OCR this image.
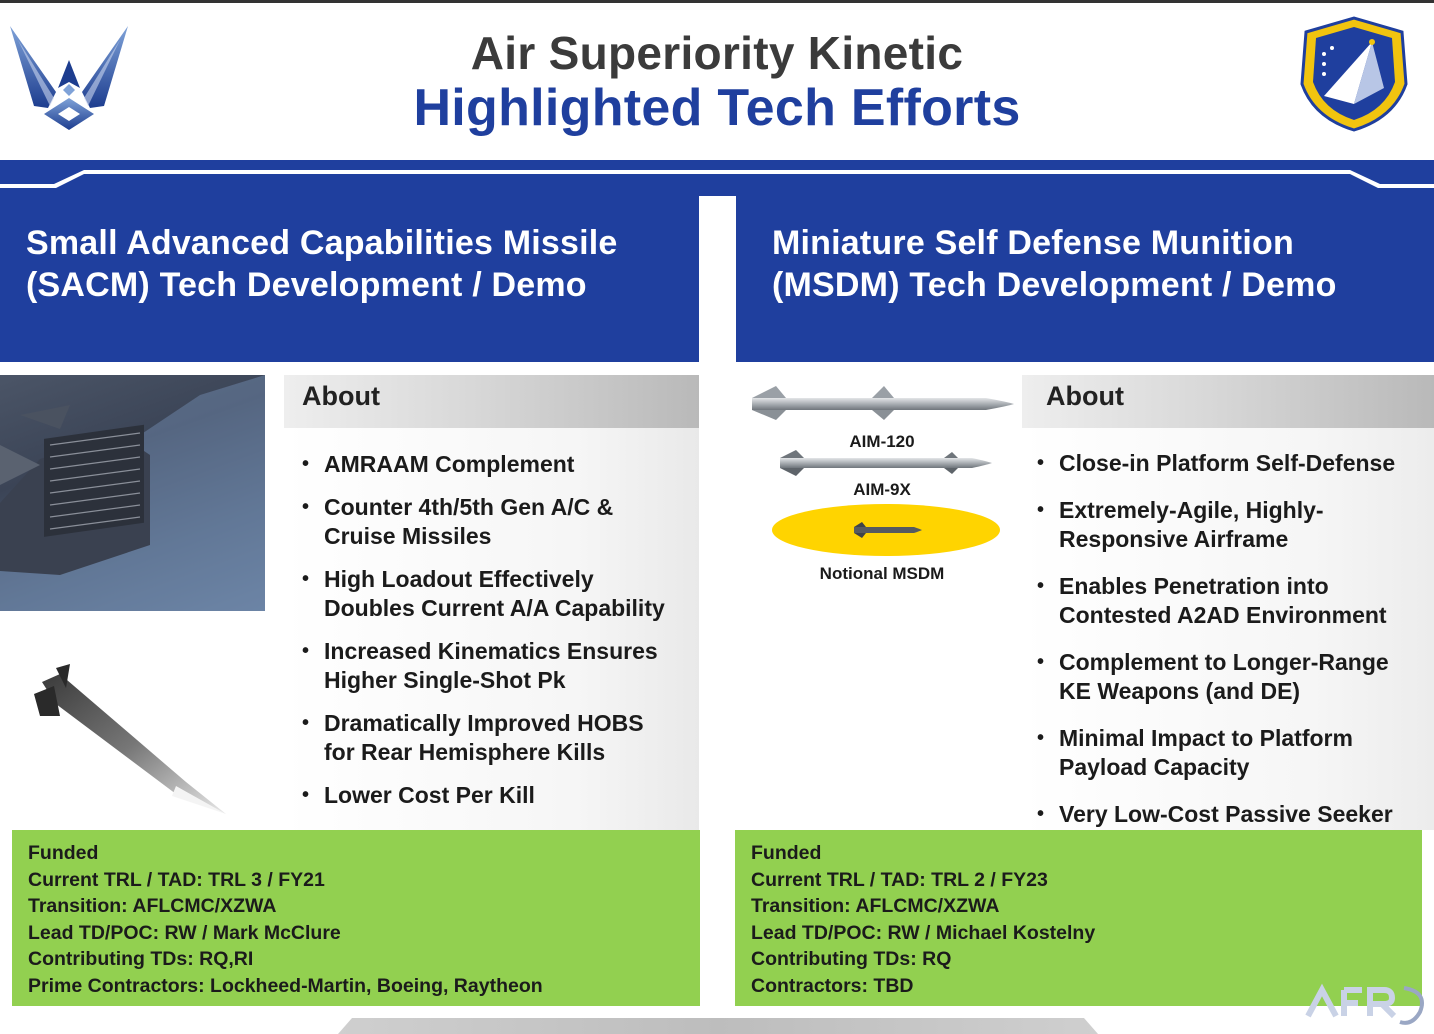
Air Superiority Kinetic
Highlighted Tech Efforts
Small Advanced Capabilities Missile
(SACM) Tech Development / Demo
About
• AMRAAM Complement
• Counter 4th/5th Gen A/C &
Cruise Missiles
• High Loadout Effectively
Doubles Current A/A Capability
• Increased Kinematics Ensures
Higher Single-Shot Pk
• Dramatically Improved HOBS
for Rear Hemisphere Kills
• Lower Cost Per Kill
Funded
Current TRL / TAD: TRL 3 / FY21
Transition: AFLCMC/XZWA
Lead TD/POC: RW / Mark McClure
Contributing TDs: RQ,RI
Prime Contractors: Lockheed-Martin, Boeing, Raytheon
Miniature Self Defense Munition
(MSDM) Tech Development / Demo
AIM-120
AIM-9X
Notional MSDM
About
• Close-in Platform Self-Defense
• Extremely-Agile, Highly-
Responsive Airframe
• Enables Penetration into
Contested A2AD Environment
• Complement to Longer-Range
KE Weapons (and DE)
• Minimal Impact to Platform
Payload Capacity
• Very Low-Cost Passive Seeker
Funded
Current TRL / TAD: TRL 2 / FY23
Transition: AFLCMC/XZWA
Lead TD/POC: RW / Michael Kostelny
Contributing TDs: RQ
Contractors: TBD
